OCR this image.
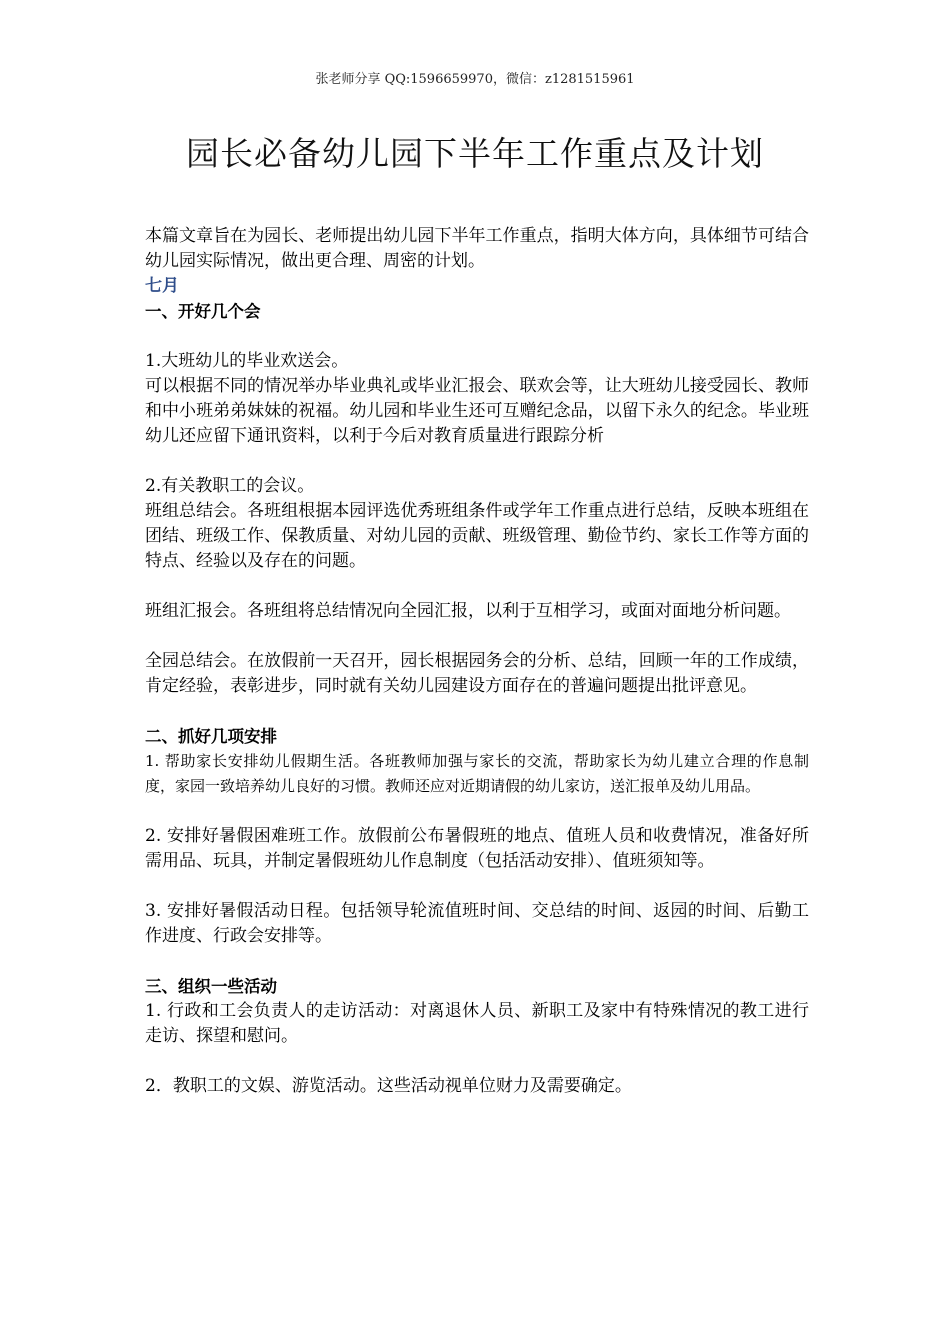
张老师分享 QQ:1596659970，微信：z1281515961
园长必备幼儿园下半年工作重点及计划

本篇文章旨在为园长、老师提出幼儿园下半年工作重点，指明大体方向，具体细节可结合幼儿园实际情况，做出更合理、周密的计划。

七月

一、开好几个会

1.大班幼儿的毕业欢送会。

可以根据不同的情况举办毕业典礼或毕业汇报会、联欢会等，让大班幼儿接受园长、教师和中小班弟弟妹妹的祝福。幼儿园和毕业生还可互赠纪念品，以留下永久的纪念。毕业班幼儿还应留下通讯资料，以利于今后对教育质量进行跟踪分析

2.有关教职工的会议。

班组总结会。各班组根据本园评选优秀班组条件或学年工作重点进行总结，反映本班组在团结、班级工作、保教质量、对幼儿园的贡献、班级管理、勤俭节约、家长工作等方面的特点、经验以及存在的问题。

班组汇报会。各班组将总结情况向全园汇报，以利于互相学习，或面对面地分析问题。

全园总结会。在放假前一天召开，园长根据园务会的分析、总结，回顾一年的工作成绩，肯定经验，表彰进步，同时就有关幼儿园建设方面存在的普遍问题提出批评意见。

二、抓好几项安排

1. 帮助家长安排幼儿假期生活。各班教师加强与家长的交流，帮助家长为幼儿建立合理的作息制度，家园一致培养幼儿良好的习惯。教师还应对近期请假的幼儿家访，送汇报单及幼儿用品。

2. 安排好暑假困难班工作。放假前公布暑假班的地点、值班人员和收费情况，准备好所需用品、玩具，并制定暑假班幼儿作息制度（包括活动安排）、值班须知等。

3. 安排好暑假活动日程。包括领导轮流值班时间、交总结的时间、返园的时间、后勤工作进度、行政会安排等。

三、组织一些活动

1. 行政和工会负责人的走访活动：对离退休人员、新职工及家中有特殊情况的教工进行走访、探望和慰问。

2．教职工的文娱、游览活动。这些活动视单位财力及需要确定。
